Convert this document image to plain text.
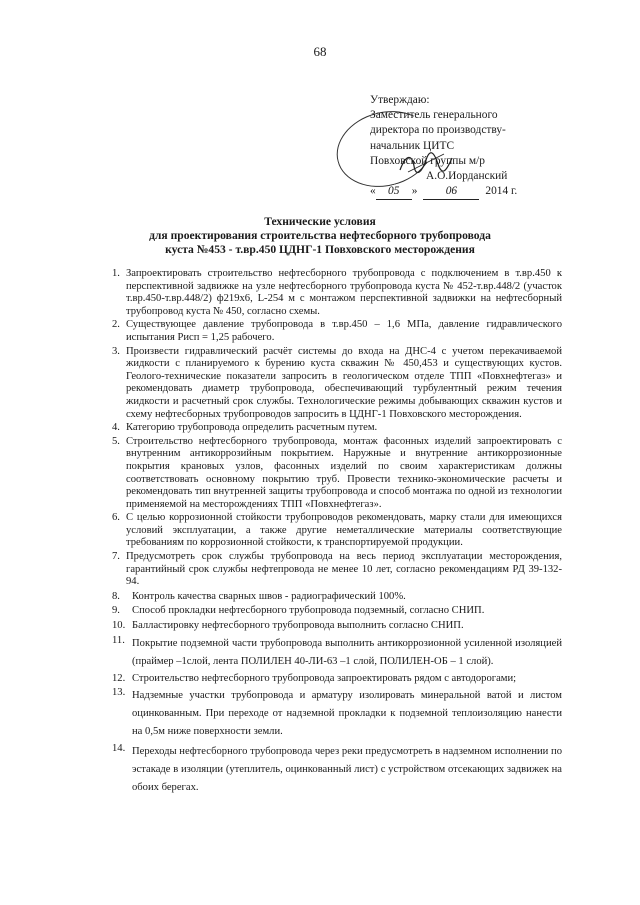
68
Утверждаю:
Заместитель генерального
директора по производству-
начальник ЦИТС
Повховской группы м/р
А.О.Иорданский
«	05	»	06	2014 г.
Технические условия
для проектирования строительства нефтесборного трубопровода
куста №453 - т.вр.450 ЦДНГ-1 Повховского месторождения
1. Запроектировать строительство нефтесборного трубопровода с подключением в т.вр.450 к перспективной задвижке на узле нефтесборного трубопровода куста № 452-т.вр.448/2 (участок т.вр.450-т.вр.448/2) ф219х6, L-254 м с монтажом перспективной задвижки на нефтесборный трубопровод куста № 450, согласно схемы.
2. Существующее давление трубопровода в т.вр.450 – 1,6 МПа, давление гидравлического испытания Рисп = 1,25 рабочего.
3. Произвести гидравлический расчёт системы до входа на ДНС-4 с учетом перекачиваемой жидкости с планируемого к бурению куста скважин № 450,453 и существующих кустов. Геолого-технические показатели запросить в геологическом отделе ТПП «Повхнефтегаз» и рекомендовать диаметр трубопровода, обеспечивающий турбулентный режим течения жидкости и расчетный срок службы. Технологические режимы добывающих скважин кустов и схему нефтесборных трубопроводов запросить в ЦДНГ-1 Повховского месторождения.
4. Категорию трубопровода определить расчетным путем.
5. Строительство нефтесборного трубопровода, монтаж фасонных изделий запроектировать с внутренним антикоррозийным покрытием. Наружные и внутренние антикоррозионные покрытия крановых узлов, фасонных изделий по своим характеристикам должны соответствовать основному покрытию труб. Провести технико-экономические расчеты и рекомендовать тип внутренней защиты трубопровода и способ монтажа по одной из технологии применяемой на месторождениях ТПП «Повхнефтегаз».
6. С целью коррозионной стойкости трубопроводов рекомендовать, марку стали для имеющихся условий эксплуатации, а также другие неметаллические материалы соответствующие требованиям по коррозионной стойкости, к транспортируемой продукции.
7. Предусмотреть срок службы трубопровода на весь период эксплуатации месторождения, гарантийный срок службы нефтепровода не менее 10 лет, согласно рекомендациям РД 39-132-94.
8.	Контроль качества сварных швов - радиографический 100%.
9.	Способ прокладки нефтесборного трубопровода подземный, согласно СНИП.
10. Балластировку нефтесборного трубопровода выполнить согласно СНИП.
11. Покрытие подземной части трубопровода выполнить антикоррозионной усиленной изоляцией (праймер –1слой, лента ПОЛИЛЕН 40-ЛИ-63 –1 слой, ПОЛИЛЕН-ОБ – 1 слой).
12. Строительство нефтесборного трубопровода запроектировать рядом с автодорогами;
13. Надземные участки трубопровода и арматуру изолировать минеральной ватой и листом оцинкованным. При переходе от надземной прокладки к подземной теплоизоляцию нанести на 0,5м ниже поверхности земли.
14. Переходы нефтесборного трубопровода через реки предусмотреть в надземном исполнении по эстакаде в изоляции (утеплитель, оцинкованный лист) с устройством отсекающих задвижек на обоих берегах.
